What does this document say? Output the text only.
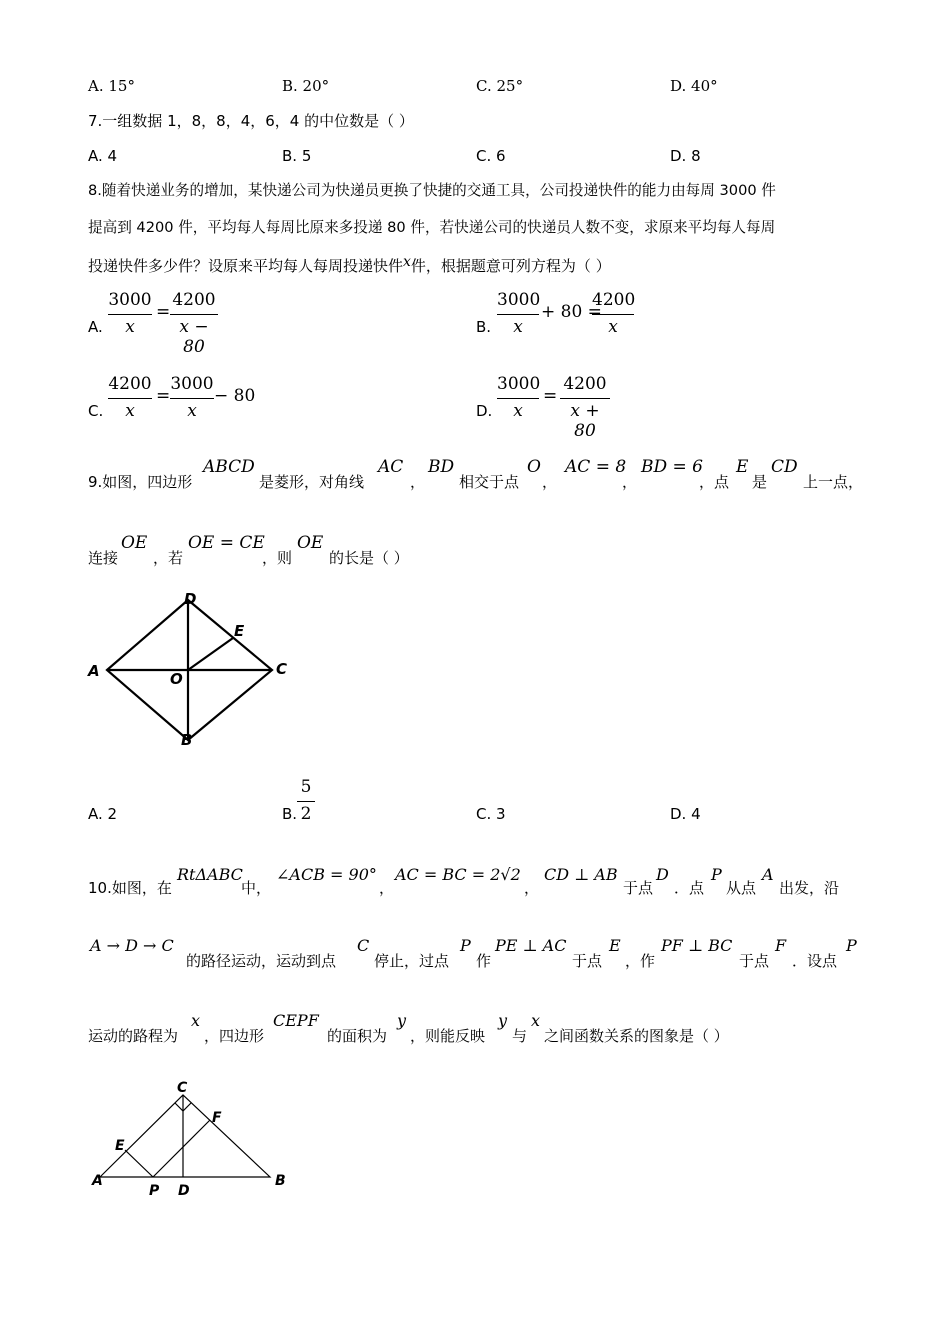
A. 15°	B. 20°	C. 25°	D. 40°
7.一组数据 1，8，8，4，6，4 的中位数是（ ）
A. 4	B. 5	C. 6	D. 8
8.随着快递业务的增加，某快递公司为快递员更换了快捷的交通工具，公司投递快件的能力由每周 3000 件
提高到 4200 件，平均每人每周比原来多投递 80 件，若快递公司的快递员人数不变，求原来平均每人每周
投递快件多少件？设原来平均每人每周投递快件x件，根据题意可列方程为（ ）
A.
3000
x
=
4200
x − 80
B.
3000
x
+ 80 =
4200
x
C.
4200
x
=
3000
x
− 80
D.
3000
x
=
4200
x + 80
9.如图，四边形
ABCD
是菱形，对角线
AC
，
BD
相交于点
O
，
AC = 8
，
BD = 6
，点
E
是
CD
上一点，
连接
OE
，若
OE = CE
，则
OE
的长是（ ）
D
E
A	C
O
B
A. 2	B.
5
2	C. 3	D. 4
10.如图，在
RtΔABC
中，
∠ACB = 90°
，
AC = BC = 2√2
，
CD ⊥ AB
于点
D
．点
P
从点
A
出发，沿
A → D → C
的路径运动，运动到点
C
停止，过点
P
作
PE ⊥ AC
于点
E
，作
PF ⊥ BC
于点
F
．设点
P
运动的路程为
x
，四边形
CEPF
的面积为
y
，则能反映
y
与
x
之间函数关系的图象是（ ）
C
F
E
A
P D
B
